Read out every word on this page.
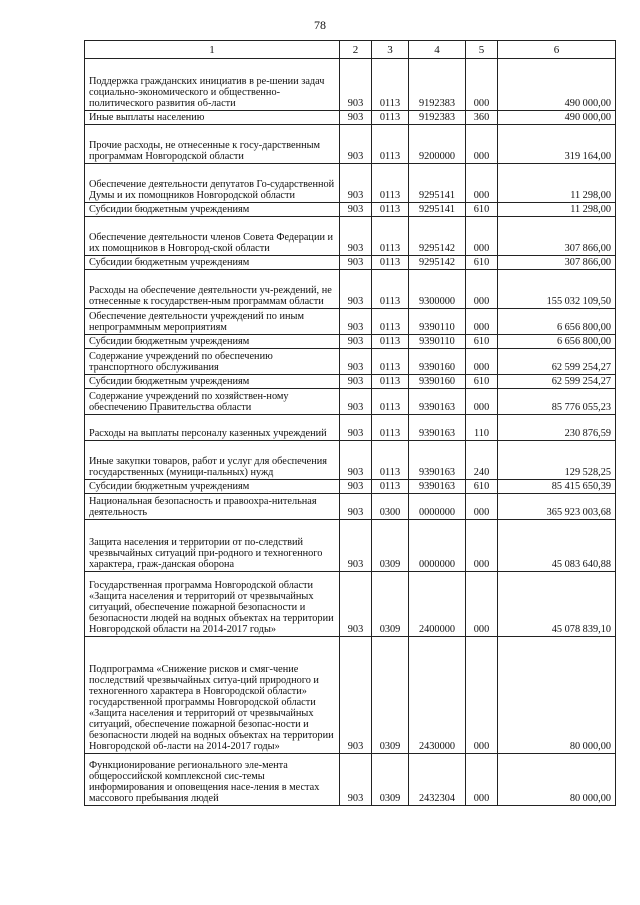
78
1	2	3	4	5	6
Поддержка гражданских инициатив в ре-шении задач социально-экономического и общественно-политического развития об-ласти	903	0113	9192383	000	490 000,00
Иные выплаты населению	903	0113	9192383	360	490 000,00
Прочие расходы, не отнесенные к госу-дарственным программам Новгородской области	903	0113	9200000	000	319 164,00
Обеспечение деятельности депутатов Го-сударственной Думы и их помощников Новгородской области	903	0113	9295141	000	11 298,00
Субсидии бюджетным учреждениям	903	0113	9295141	610	11 298,00
Обеспечение деятельности членов Совета Федерации и их помощников в Новгород-ской области	903	0113	9295142	000	307 866,00
Субсидии бюджетным учреждениям	903	0113	9295142	610	307 866,00
Расходы на обеспечение деятельности уч-реждений, не отнесенные к государствен-ным программам области	903	0113	9300000	000	155 032 109,50
Обеспечение деятельности учреждений по иным непрограммным мероприятиям	903	0113	9390110	000	6 656 800,00
Субсидии бюджетным учреждениям	903	0113	9390110	610	6 656 800,00
Содержание учреждений по обеспечению транспортного обслуживания	903	0113	9390160	000	62 599 254,27
Субсидии бюджетным учреждениям	903	0113	9390160	610	62 599 254,27
Содержание учреждений по хозяйствен-ному обеспечению Правительства области	903	0113	9390163	000	85 776 055,23
Расходы на выплаты персоналу казенных учреждений	903	0113	9390163	110	230 876,59
Иные закупки товаров, работ и услуг для обеспечения государственных (муници-пальных) нужд	903	0113	9390163	240	129 528,25
Субсидии бюджетным учреждениям	903	0113	9390163	610	85 415 650,39
Национальная безопасность и правоохра-нительная деятельность	903	0300	0000000	000	365 923 003,68
Защита населения и территории от по-следствий чрезвычайных ситуаций при-родного и техногенного характера, граж-данская оборона	903	0309	0000000	000	45 083 640,88
Государственная программа Новгородской области «Защита населения и территорий от чрезвычайных ситуаций, обеспечение пожарной безопасности и безопасности людей на водных объектах на территории Новгородской области на 2014-2017 годы»	903	0309	2400000	000	45 078 839,10
Подпрограмма «Снижение рисков и смяг-чение последствий чрезвычайных ситуа-ций природного и техногенного характера в Новгородской области» государственной программы Новгородской области «Защита населения и территорий от чрезвычайных ситуаций, обеспечение пожарной безопас-ности и безопасности людей на водных объектах на территории Новгородской об-ласти на 2014-2017 годы»	903	0309	2430000	000	80 000,00
Функционирование регионального эле-мента общероссийской комплексной сис-темы информирования и оповещения насе-ления в местах массового пребывания людей	903	0309	2432304	000	80 000,00
